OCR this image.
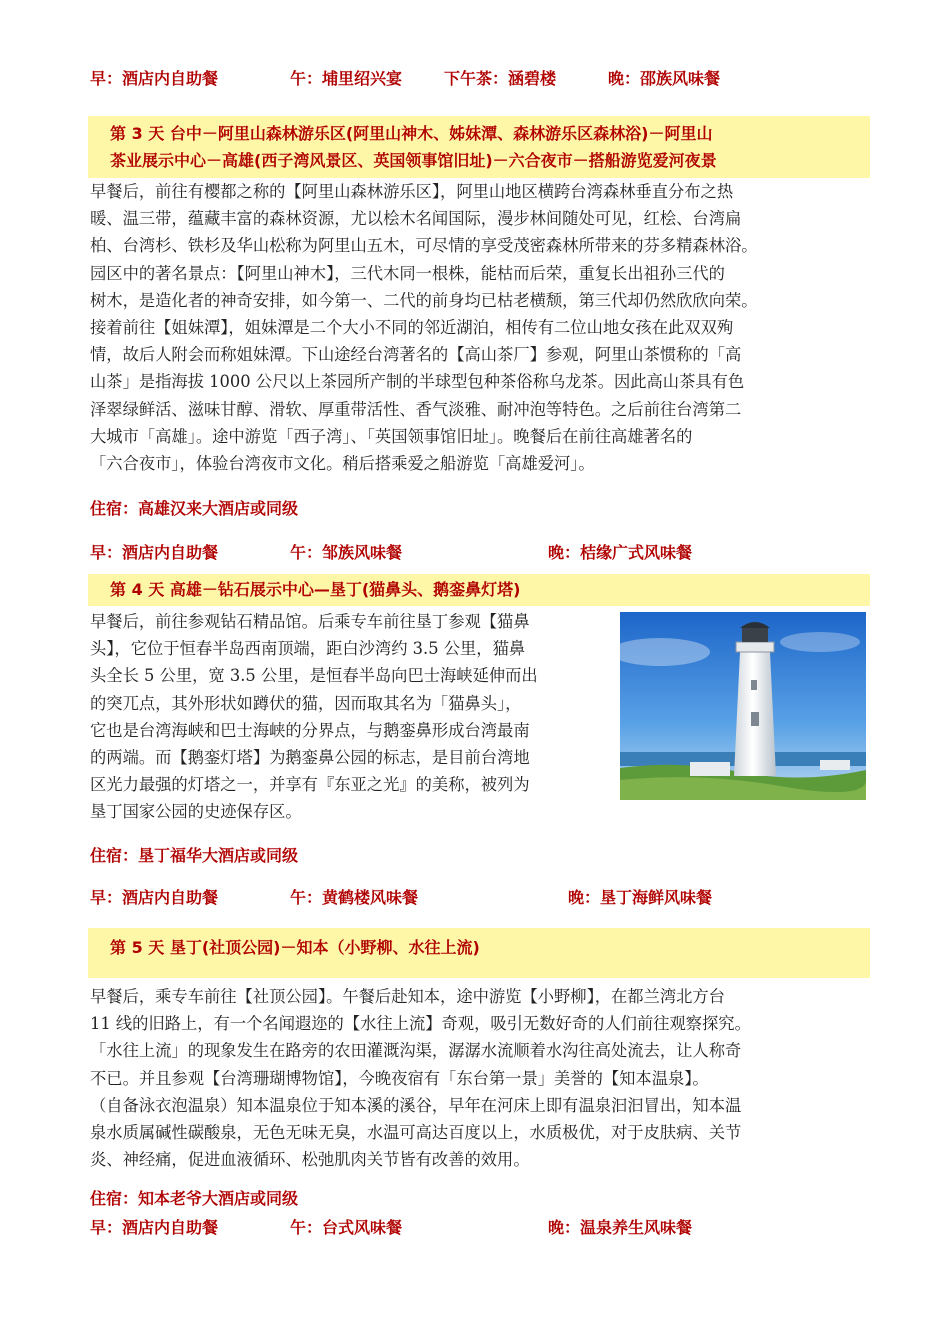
早：酒店内自助餐	午：埔里绍兴宴	下午茶：涵碧楼	晚：邵族风味餐
第 3 天 台中－阿里山森林游乐区(阿里山神木、姊妹潭、森林游乐区森林浴)－阿里山
茶业展示中心－高雄(西子湾风景区、英国领事馆旧址)－六合夜市－搭船游览爱河夜景
早餐后，前往有樱都之称的【阿里山森林游乐区】，阿里山地区横跨台湾森林垂直分布之热
暖、温三带，蕴藏丰富的森林资源，尤以桧木名闻国际，漫步林间随处可见，红桧、台湾扁
柏、台湾杉、铁杉及华山松称为阿里山五木，可尽情的享受茂密森林所带来的芬多精森林浴。
园区中的著名景点：【阿里山神木】，三代木同一根株，能枯而后荣，重复长出祖孙三代的
树木，是造化者的神奇安排，如今第一、二代的前身均已枯老横颓，第三代却仍然欣欣向荣。
接着前往【姐妹潭】，姐妹潭是二个大小不同的邻近湖泊，相传有二位山地女孩在此双双殉
情，故后人附会而称姐妹潭。下山途经台湾著名的【高山茶厂】参观，阿里山茶惯称的「高
山茶」是指海拔 1000 公尺以上茶园所产制的半球型包种茶俗称乌龙茶。因此高山茶具有色
泽翠绿鲜活、滋味甘醇、滑软、厚重带活性、香气淡雅、耐冲泡等特色。之后前往台湾第二
大城市「高雄」。途中游览「西子湾」、「英国领事馆旧址」。晚餐后在前往高雄著名的
「六合夜市」，体验台湾夜市文化。稍后搭乘爱之船游览「高雄爱河」。
住宿：高雄汉来大酒店或同级
早：酒店内自助餐	午：邹族风味餐	晚：桔缘广式风味餐
第 4 天 高雄－钻石展示中心—垦丁(猫鼻头、鹅銮鼻灯塔)
早餐后，前往参观钻石精品馆。后乘专车前往垦丁参观【猫鼻
头】，它位于恒春半岛西南顶端，距白沙湾约 3.5 公里，猫鼻
头全长 5 公里，宽 3.5 公里，是恒春半岛向巴士海峡延伸而出
的突兀点，其外形状如蹲伏的猫，因而取其名为「猫鼻头」，
它也是台湾海峡和巴士海峡的分界点，与鹅銮鼻形成台湾最南
的两端。而【鹅銮灯塔】为鹅銮鼻公园的标志，是目前台湾地
区光力最强的灯塔之一，并享有『东亚之光』的美称，被列为
垦丁国家公园的史迹保存区。
住宿：垦丁福华大酒店或同级
早：酒店内自助餐	午：黄鹤楼风味餐	晚：垦丁海鲜风味餐
第 5 天 垦丁(社顶公园)－知本（小野柳、水往上流)
早餐后，乘专车前往【社顶公园】。午餐后赴知本，途中游览【小野柳】，在都兰湾北方台
11 线的旧路上，有一个名闻遐迩的【水往上流】奇观，吸引无数好奇的人们前往观察探究。
「水往上流」的现象发生在路旁的农田灌溉沟渠，潺潺水流顺着水沟往高处流去，让人称奇
不已。并且参观【台湾珊瑚博物馆】，今晚夜宿有「东台第一景」美誉的【知本温泉】。
（自备泳衣泡温泉）知本温泉位于知本溪的溪谷，早年在河床上即有温泉汩汩冒出，知本温
泉水质属碱性碳酸泉，无色无味无臭，水温可高达百度以上，水质极优，对于皮肤病、关节
炎、神经痛，促进血液循环、松弛肌肉关节皆有改善的效用。
住宿：知本老爷大酒店或同级
早：酒店内自助餐	午：台式风味餐	晚：温泉养生风味餐
